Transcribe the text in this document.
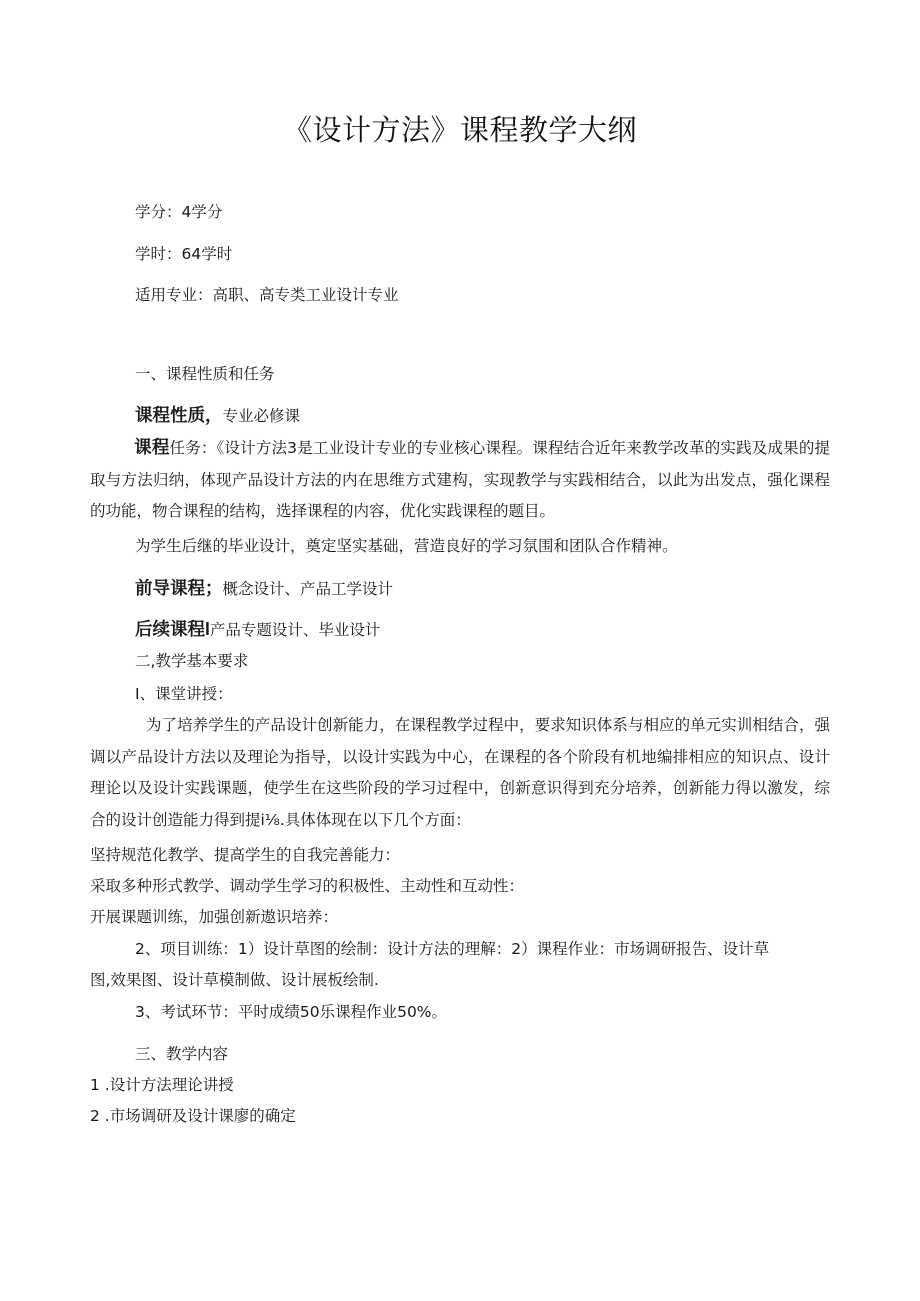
《设计方法》课程教学大纲
学分：4学分
学时：64学时
适用专业：高职、高专类工业设计专业
一、课程性质和任务
课程性质，专业必修课
课程任务：《设计方法3是工业设计专业的专业核心课程。课程结合近年来教学改革的实践及成果的提取与方法归纳，体现产品设计方法的内在思维方式建构，实现教学与实践相结合，以此为出发点，强化课程的功能，物合课程的结构，选择课程的内容，优化实践课程的题目。
为学生后继的毕业设计，奠定坚实基础，营造良好的学习氛围和团队合作精神。
前导课程；概念设计、产品工学设计
后续课程l产品专题设计、毕业设计
二,教学基本要求
I、课堂讲授：
为了培养学生的产品设计创新能力，在课程教学过程中，要求知识体系与相应的单元实训相结合，强调以产品设计方法以及理论为指导，以设计实践为中心，在课程的各个阶段有机地编排相应的知识点、设计理论以及设计实践课题，使学生在这些阶段的学习过程中，创新意识得到充分培养，创新能力得以激发，综合的设计创造能力得到提i⅛.具体体现在以下几个方面：
坚持规范化教学、提高学生的自我完善能力：
采取多种形式教学、调动学生学习的积极性、主动性和互动性：
开展课题训练，加强创新遨识培养：
2、项目训练：1）设计草图的绘制：设计方法的理解：2）课程作业：市场调研报告、设计草
图,效果图、设计草模制做、设计展板绘制.
3、考试环节：平时成绩50乐课程作业50%。
三、教学内容
1 .设计方法理论讲授
2 .市场调研及设计课廖的确定
